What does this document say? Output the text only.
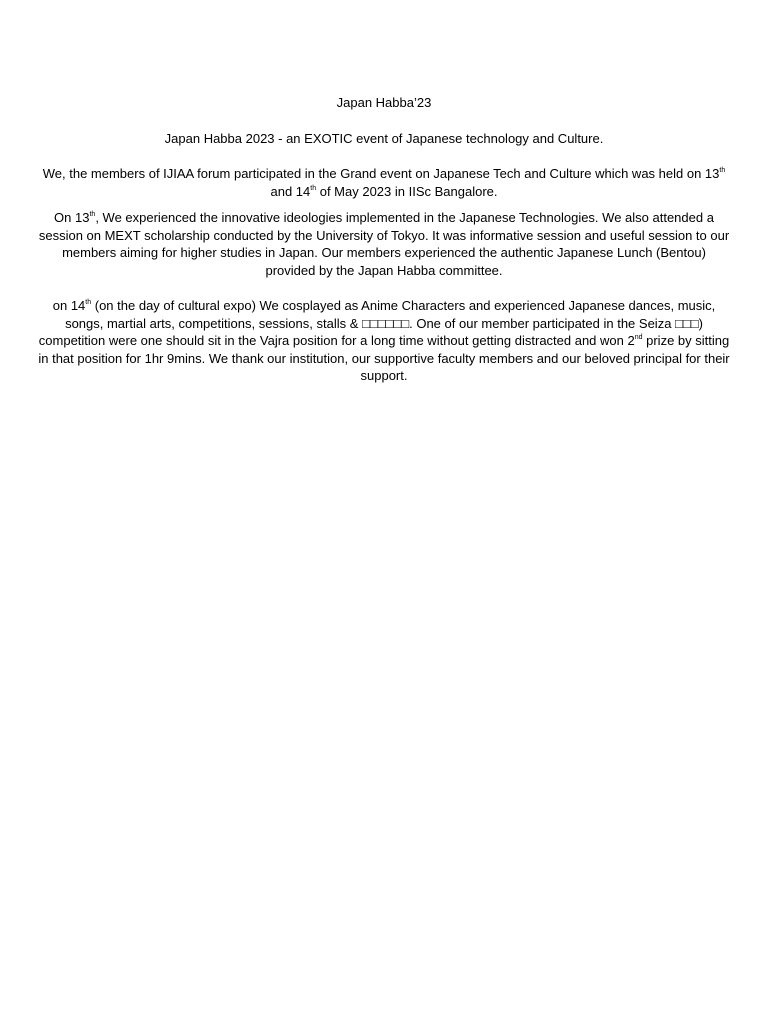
Japan Habba’23

Japan Habba 2023 - an EXOTIC event of Japanese technology and Culture.

We, the members of IJIAA forum participated in the Grand event on Japanese Tech and Culture which was held on 13th and 14th of May 2023 in IISc Bangalore.

On 13th, We experienced the innovative ideologies implemented in the Japanese Technologies. We also attended a session on MEXT scholarship conducted by the University of Tokyo. It was informative session and useful session to our members aiming for higher studies in Japan. Our members experienced the authentic Japanese Lunch (Bentou) provided by the Japan Habba committee.

on 14th (on the day of cultural expo) We cosplayed as Anime Characters and experienced Japanese dances, music, songs, martial arts, competitions, sessions, stalls & □□□□□□. One of our member participated in the Seiza □□□) competition were one should sit in the Vajra position for a long time without getting distracted and won 2nd prize by sitting in that position for 1hr 9mins. We thank our institution, our supportive faculty members and our beloved principal for their support.
